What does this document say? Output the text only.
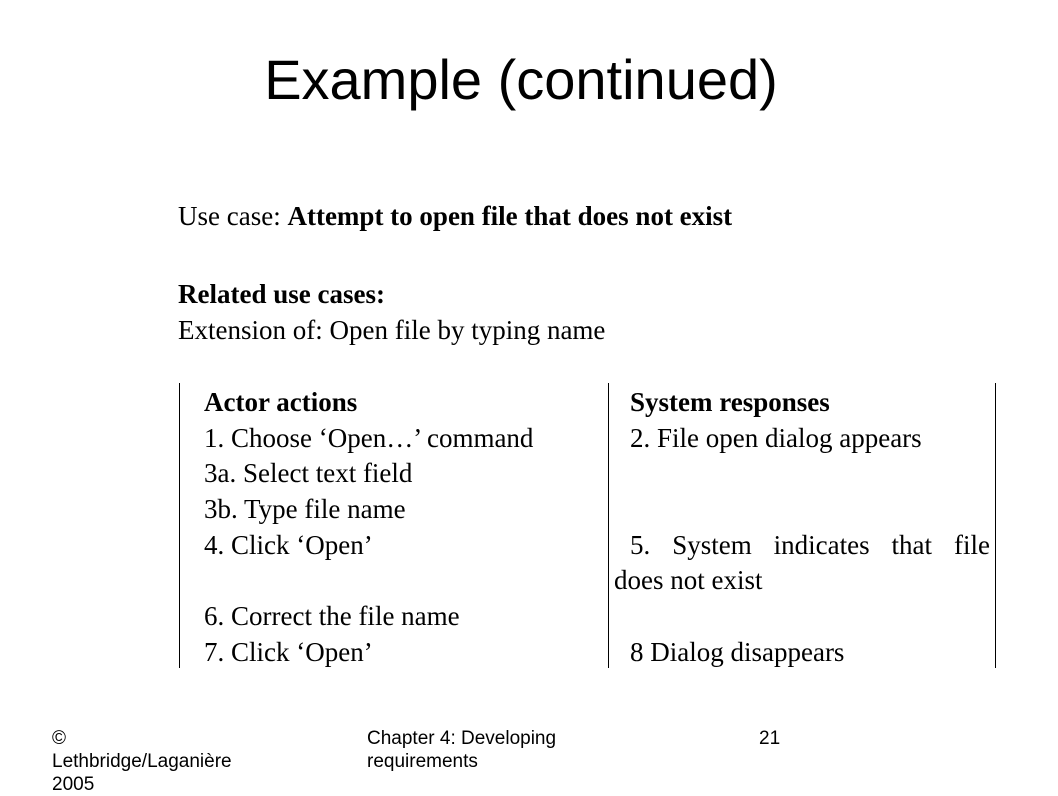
Example (continued)
Use case: Attempt to open file that does not exist
Related use cases:
Extension of: Open file by typing name
Actor actions
1. Choose ‘Open…’ command
3a. Select text field
3b. Type file name
4. Click ‘Open’
6. Correct the file name
7. Click ‘Open’
System responses
2. File open dialog appears
5. System indicates that file
does not exist
8 Dialog disappears
©
Lethbridge/Laganière
2005
Chapter 4: Developing
requirements
21
